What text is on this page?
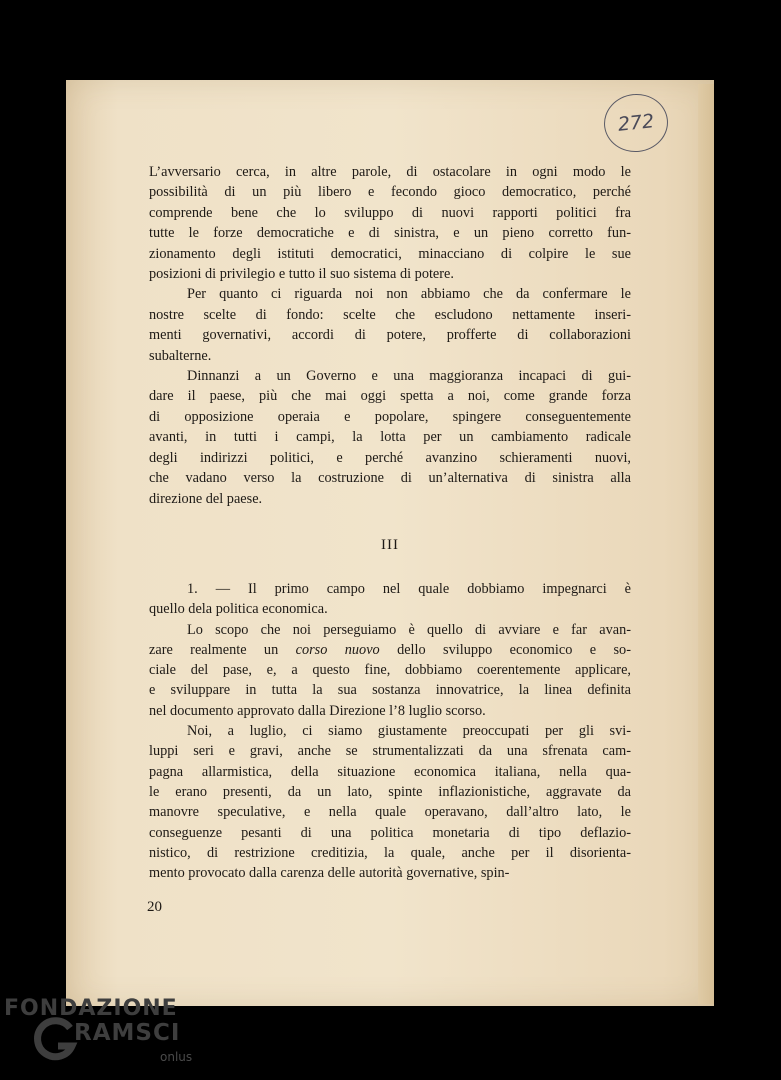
272

L’avversario cerca, in altre parole, di ostacolare in ogni modo le
possibilità di un più libero e fecondo gioco democratico, perché
comprende bene che lo sviluppo di nuovi rapporti politici fra
tutte le forze democratiche e di sinistra, e un pieno corretto fun-
zionamento degli istituti democratici, minacciano di colpire le sue
posizioni di privilegio e tutto il suo sistema di potere.

Per quanto ci riguarda noi non abbiamo che da confermare le
nostre scelte di fondo: scelte che escludono nettamente inseri-
menti governativi, accordi di potere, profferte di collaborazioni
subalterne.

Dinnanzi a un Governo e una maggioranza incapaci di gui-
dare il paese, più che mai oggi spetta a noi, come grande forza
di opposizione operaia e popolare, spingere conseguentemente
avanti, in tutti i campi, la lotta per un cambiamento radicale
degli indirizzi politici, e perché avanzino schieramenti nuovi,
che vadano verso la costruzione di un’alternativa di sinistra alla
direzione del paese.

III

1. — Il primo campo nel quale dobbiamo impegnarci è
quello dela politica economica.

Lo scopo che noi perseguiamo è quello di avviare e far avan-
zare realmente un corso nuovo dello sviluppo economico e so-
ciale del pase, e, a questo fine, dobbiamo coerentemente applicare,
e sviluppare in tutta la sua sostanza innovatrice, la linea definita
nel documento approvato dalla Direzione l’8 luglio scorso.

Noi, a luglio, ci siamo giustamente preoccupati per gli svi-
luppi seri e gravi, anche se strumentalizzati da una sfrenata cam-
pagna allarmistica, della situazione economica italiana, nella qua-
le erano presenti, da un lato, spinte inflazionistiche, aggravate da
manovre speculative, e nella quale operavano, dall’altro lato, le
conseguenze pesanti di una politica monetaria di tipo deflazio-
nistico, di restrizione creditizia, la quale, anche per il disorienta-
mento provocato dalla carenza delle autorità governative, spin-

20
FONDAZIONE
RAMSCI
onlus
